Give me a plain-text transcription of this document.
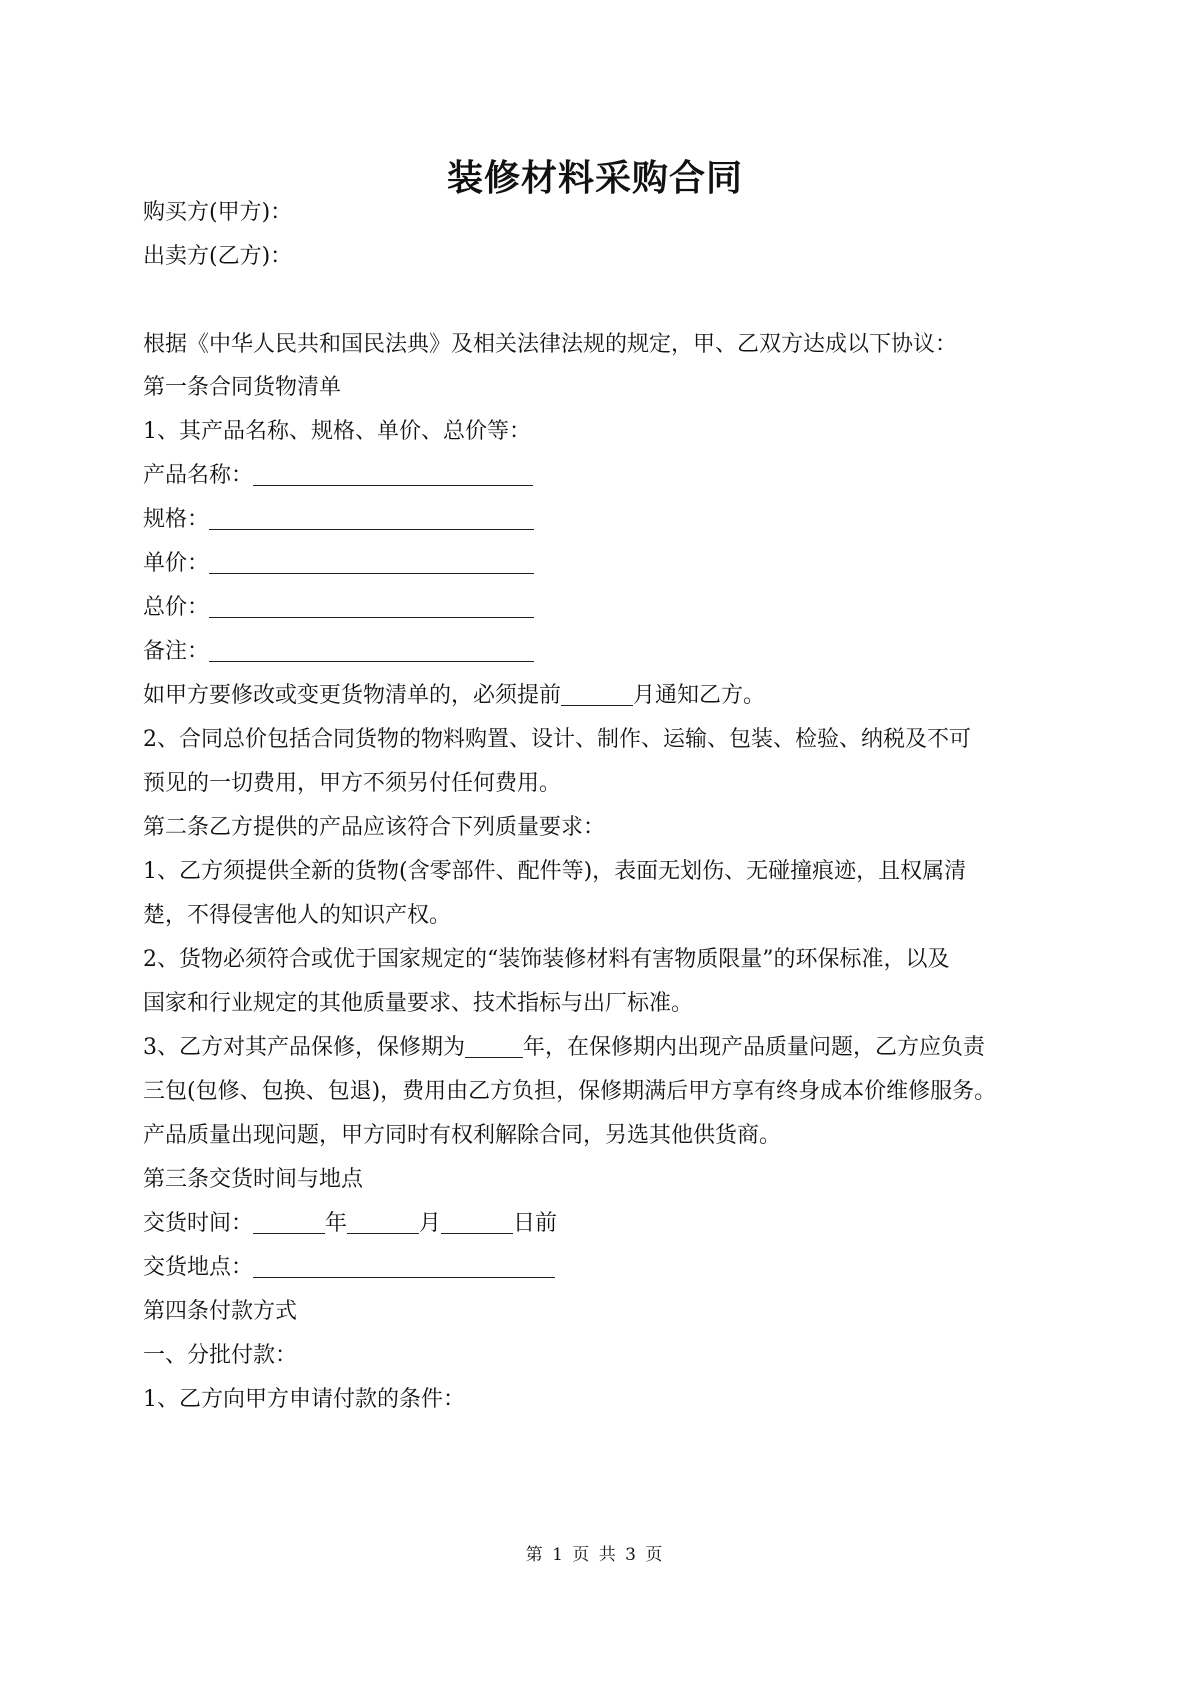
装修材料采购合同
购买方(甲方)：
出卖方(乙方)：
根据《中华人民共和国民法典》及相关法律法规的规定，甲、乙双方达成以下协议：
第一条合同货物清单
1、其产品名称、规格、单价、总价等：
产品名称：
规格：
单价：
总价：
备注：
如甲方要修改或变更货物清单的，必须提前	月通知乙方。
2、合同总价包括合同货物的物料购置、设计、制作、运输、包装、检验、纳税及不可
预见的一切费用，甲方不须另付任何费用。
第二条乙方提供的产品应该符合下列质量要求：
1、乙方须提供全新的货物(含零部件、配件等)，表面无划伤、无碰撞痕迹，且权属清
楚，不得侵害他人的知识产权。
2、货物必须符合或优于国家规定的“装饰装修材料有害物质限量”的环保标准，以及
国家和行业规定的其他质量要求、技术指标与出厂标准。
3、乙方对其产品保修，保修期为	年，在保修期内出现产品质量问题，乙方应负责
三包(包修、包换、包退)，费用由乙方负担，保修期满后甲方享有终身成本价维修服务。
产品质量出现问题，甲方同时有权利解除合同，另选其他供货商。
第三条交货时间与地点
交货时间：	年	月	日前
交货地点：
第四条付款方式
一、分批付款：
1、乙方向甲方申请付款的条件：
第 1 页 共 3 页
